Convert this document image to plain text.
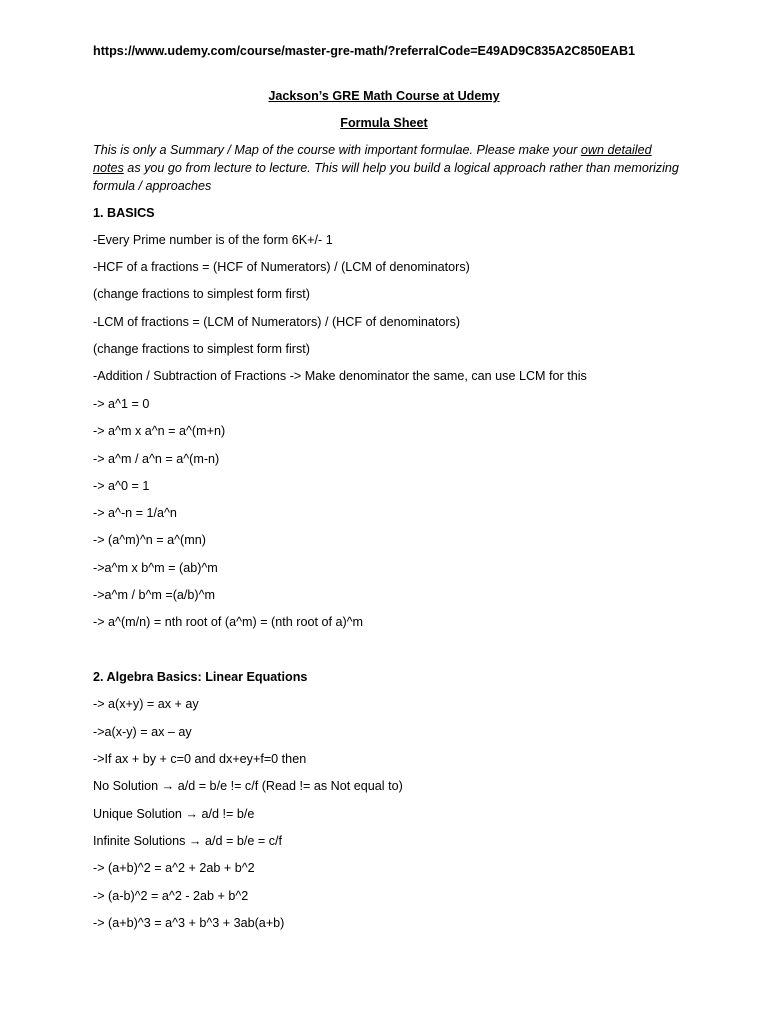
https://www.udemy.com/course/master-gre-math/?referralCode=E49AD9C835A2C850EAB1
Jackson’s GRE Math Course at Udemy
Formula Sheet
This is only a Summary / Map of the course with important formulae. Please make your own detailed notes as you go from lecture to lecture. This will help you build a logical approach rather than memorizing formula / approaches
1. BASICS
-Every Prime number is of the form 6K+/- 1
-HCF of a fractions = (HCF of Numerators) / (LCM of denominators)
(change fractions to simplest form first)
-LCM of fractions = (LCM of Numerators) / (HCF of denominators)
(change fractions to simplest form first)
-Addition / Subtraction of Fractions -> Make denominator the same, can use LCM for this
-> a^1 = 0
-> a^m x a^n = a^(m+n)
-> a^m / a^n = a^(m-n)
-> a^0 = 1
-> a^-n = 1/a^n
-> (a^m)^n = a^(mn)
->a^m x b^m = (ab)^m
->a^m / b^m =(a/b)^m
-> a^(m/n) = nth root of (a^m) = (nth root of a)^m
2. Algebra Basics: Linear Equations
-> a(x+y) = ax + ay
->a(x-y) = ax – ay
->If ax + by + c=0 and dx+ey+f=0 then
No Solution → a/d = b/e != c/f (Read != as Not equal to)
Unique Solution → a/d != b/e
Infinite Solutions → a/d = b/e = c/f
-> (a+b)^2 = a^2 + 2ab + b^2
-> (a-b)^2 = a^2 - 2ab + b^2
-> (a+b)^3 = a^3 + b^3 + 3ab(a+b)
